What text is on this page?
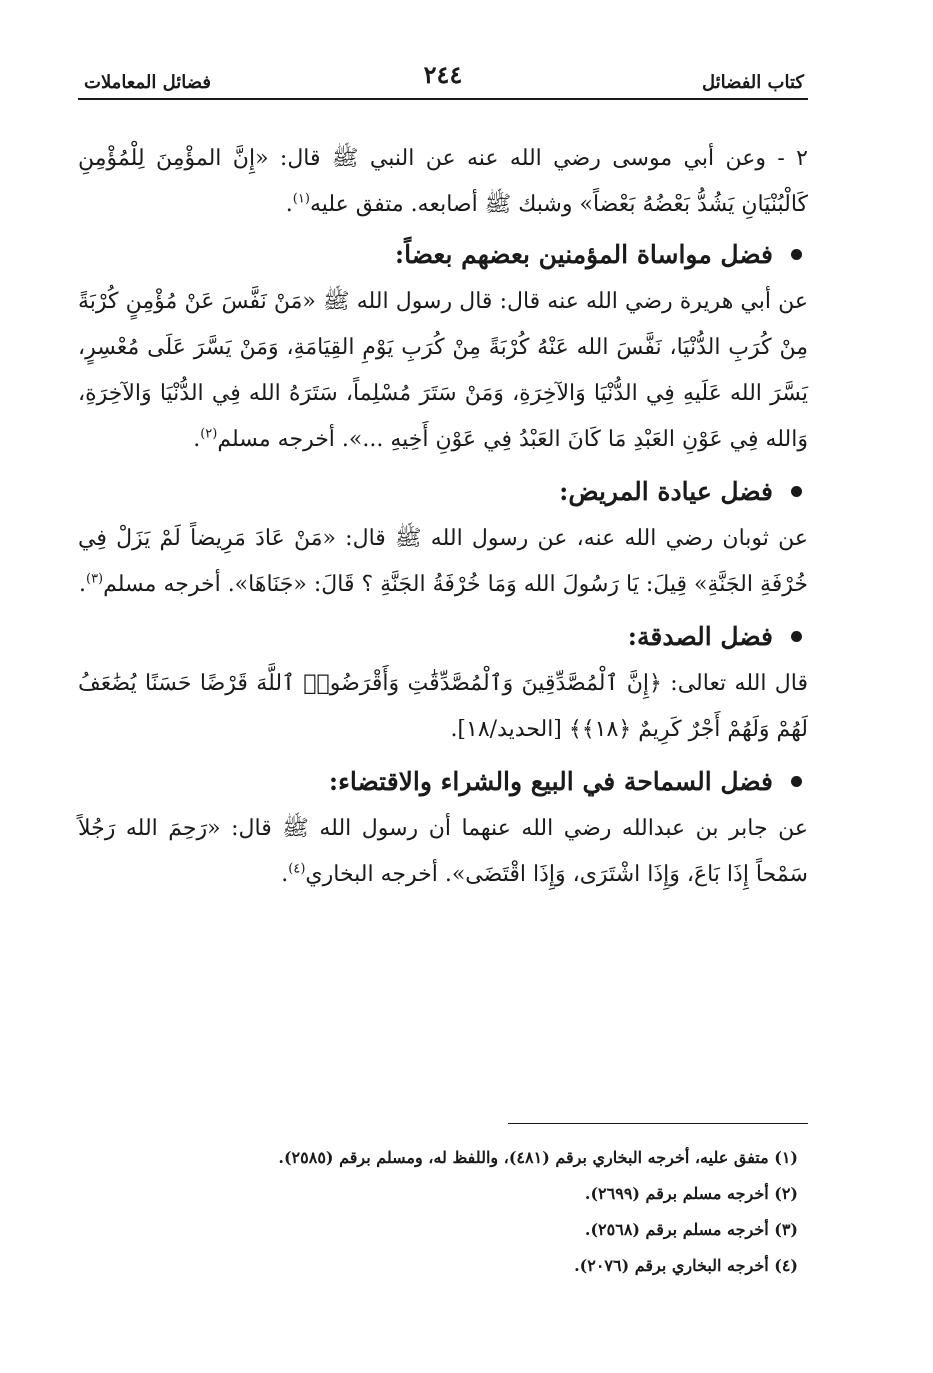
كتاب الفضائل
٢٤٤
فضائل المعاملات

٢ - وعن أبي موسى رضي الله عنه عن النبي ﷺ قال: «إِنَّ المؤْمِنَ لِلْمُؤْمِنِ كَالْبُنْيَانِ يَشُدُّ بَعْضُهُ بَعْضاً» وشبك ﷺ أصابعه. متفق عليه$^{(١)}$.

فضل مواساة المؤمنين بعضهم بعضاً:

عن أبي هريرة رضي الله عنه قال: قال رسول الله ﷺ «مَنْ نَفَّسَ عَنْ مُؤْمِنٍ كُرْبَةً مِنْ كُرَبِ الدُّنْيَا، نَفَّسَ الله عَنْهُ كُرْبَةً مِنْ كُرَبِ يَوْمِ القِيَامَةِ، وَمَنْ يَسَّرَ عَلَى مُعْسِرٍ، يَسَّرَ الله عَلَيهِ فِي الدُّنْيَا وَالآخِرَةِ، وَمَنْ سَتَرَ مُسْلِماً، سَتَرَهُ الله فِي الدُّنْيَا وَالآخِرَةِ، وَالله فِي عَوْنِ العَبْدِ مَا كَانَ العَبْدُ فِي عَوْنِ أَخِيهِ ...». أخرجه مسلم$^{(٢)}$.

فضل عيادة المريض:

عن ثوبان رضي الله عنه، عن رسول الله ﷺ قال: «مَنْ عَادَ مَرِيضاً لَمْ يَزَلْ فِي خُرْفَةِ الجَنَّةِ» قِيلَ: يَا رَسُولَ الله وَمَا خُرْفَةُ الجَنَّةِ ؟ قَالَ: «جَنَاهَا». أخرجه مسلم$^{(٣)}$.

فضل الصدقة:

قال الله تعالى: ﴿إِنَّ ٱلْمُصَّدِّقِينَ وَٱلْمُصَّدِّقَٰتِ وَأَقْرَضُوا۟ ٱللَّهَ قَرْضًا حَسَنًا يُضَٰعَفُ لَهُمْ وَلَهُمْ أَجْرٌ كَرِيمٌ ﴿١٨﴾﴾ [الحديد/١٨].

فضل السماحة في البيع والشراء والاقتضاء:

عن جابر بن عبدالله رضي الله عنهما أن رسول الله ﷺ قال: «رَحِمَ الله رَجُلاً سَمْحاً إِذَا بَاعَ، وَإِذَا اشْتَرَى، وَإِذَا اقْتَضَى». أخرجه البخاري$^{(٤)}$.

(١) متفق عليه، أخرجه البخاري برقم (٤٨١)، واللفظ له، ومسلم برقم (٢٥٨٥).
(٢) أخرجه مسلم برقم (٢٦٩٩).
(٣) أخرجه مسلم برقم (٢٥٦٨).
(٤) أخرجه البخاري برقم (٢٠٧٦).
